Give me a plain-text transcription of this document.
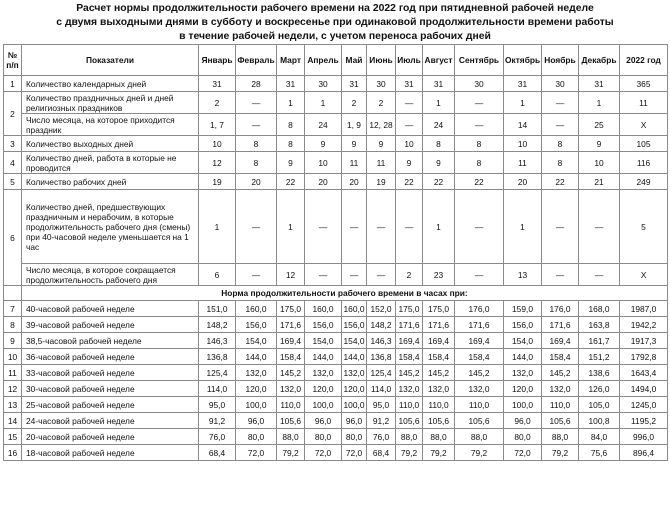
Расчет нормы продолжительности рабочего времени на 2022 год при пятидневной рабочей неделе
с двумя выходными днями в субботу и воскресенье при одинаковой продолжительности времени работы
в течение рабочей недели, с учетом переноса рабочих дней
№ п/п	Показатели	Январь	Февраль	Март	Апрель	Май	Июнь	Июль	Август	Сентябрь	Октябрь	Ноябрь	Декабрь	2022 год
1	Количество календарных дней	31	28	31	30	31	30	31	31	30	31	30	31	365
2	Количество праздничных дней и дней религиозных праздников	2	—	1	1	2	2	—	1	—	1	—	1	11
	Число месяца, на которое приходится праздник	1, 7	—	8	24	1, 9	12, 28	—	24	—	14	—	25	X
3	Количество выходных дней	10	8	8	9	9	9	10	8	8	10	8	9	105
4	Количество дней, работа в которые не проводится	12	8	9	10	11	11	9	9	8	11	8	10	116
5	Количество рабочих дней	19	20	22	20	20	19	22	22	22	20	22	21	249
6	Количество дней, предшествующих праздничным и нерабочим, в которые продолжительность рабочего дня (смены) при 40-часовой неделе уменьшается на 1 час	1	—	1	—	—	—	—	1	—	1	—	—	5
	Число месяца, в которое сокращается продолжительность рабочего дня	6	—	12	—	—	—	2	23	—	13	—	—	X
	Норма продолжительности рабочего времени в часах при:													
7	40-часовой рабочей неделе	151,0	160,0	175,0	160,0	160,0	152,0	175,0	175,0	176,0	159,0	176,0	168,0	1987,0
8	39-часовой рабочей неделе	148,2	156,0	171,6	156,0	156,0	148,2	171,6	171,6	171,6	156,0	171,6	163,8	1942,2
9	38,5-часовой рабочей неделе	146,3	154,0	169,4	154,0	154,0	146,3	169,4	169,4	169,4	154,0	169,4	161,7	1917,3
10	36-часовой рабочей неделе	136,8	144,0	158,4	144,0	144,0	136,8	158,4	158,4	158,4	144,0	158,4	151,2	1792,8
11	33-часовой рабочей неделе	125,4	132,0	145,2	132,0	132,0	125,4	145,2	145,2	145,2	132,0	145,2	138,6	1643,4
12	30-часовой рабочей неделе	114,0	120,0	132,0	120,0	120,0	114,0	132,0	132,0	132,0	120,0	132,0	126,0	1494,0
13	25-часовой рабочей неделе	95,0	100,0	110,0	100,0	100,0	95,0	110,0	110,0	110,0	100,0	110,0	105,0	1245,0
14	24-часовой рабочей неделе	91,2	96,0	105,6	96,0	96,0	91,2	105,6	105,6	105,6	96,0	105,6	100,8	1195,2
15	20-часовой рабочей неделе	76,0	80,0	88,0	80,0	80,0	76,0	88,0	88,0	88,0	80,0	88,0	84,0	996,0
16	18-часовой рабочей неделе	68,4	72,0	79,2	72,0	72,0	68,4	79,2	79,2	79,2	72,0	79,2	75,6	896,4
